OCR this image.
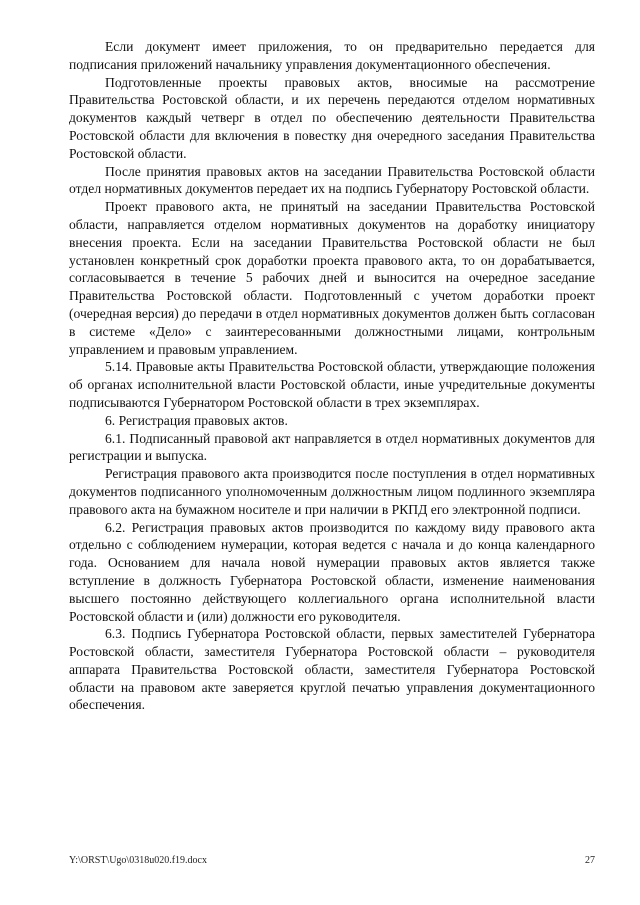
Если документ имеет приложения, то он предварительно передается для подписания приложений начальнику управления документационного обеспечения.

Подготовленные проекты правовых актов, вносимые на рассмотрение Правительства Ростовской области, и их перечень передаются отделом нормативных документов каждый четверг в отдел по обеспечению деятельности Правительства Ростовской области для включения в повестку дня очередного заседания Правительства Ростовской области.

После принятия правовых актов на заседании Правительства Ростовской области отдел нормативных документов передает их на подпись Губернатору Ростовской области.

Проект правового акта, не принятый на заседании Правительства Ростовской области, направляется отделом нормативных документов на доработку инициатору внесения проекта. Если на заседании Правительства Ростовской области не был установлен конкретный срок доработки проекта правового акта, то он дорабатывается, согласовывается в течение 5 рабочих дней и выносится на очередное заседание Правительства Ростовской области. Подготовленный с учетом доработки проект (очередная версия) до передачи в отдел нормативных документов должен быть согласован в системе «Дело» с заинтересованными должностными лицами, контрольным управлением и правовым управлением.

5.14. Правовые акты Правительства Ростовской области, утверждающие положения об органах исполнительной власти Ростовской области, иные учредительные документы подписываются Губернатором Ростовской области в трех экземплярах.

6. Регистрация правовых актов.

6.1. Подписанный правовой акт направляется в отдел нормативных документов для регистрации и выпуска.

Регистрация правового акта производится после поступления в отдел нормативных документов подписанного уполномоченным должностным лицом подлинного экземпляра правового акта на бумажном носителе и при наличии в РКПД его электронной подписи.

6.2. Регистрация правовых актов производится по каждому виду правового акта отдельно с соблюдением нумерации, которая ведется с начала и до конца календарного года. Основанием для начала новой нумерации правовых актов является также вступление в должность Губернатора Ростовской области, изменение наименования высшего постоянно действующего коллегиального органа исполнительной власти Ростовской области и (или) должности его руководителя.

6.3. Подпись Губернатора Ростовской области, первых заместителей Губернатора Ростовской области, заместителя Губернатора Ростовской области – руководителя аппарата Правительства Ростовской области, заместителя Губернатора Ростовской области на правовом акте заверяется круглой печатью управления документационного обеспечения.

Y:\ORST\Ugo\0318u020.f19.docx	27
